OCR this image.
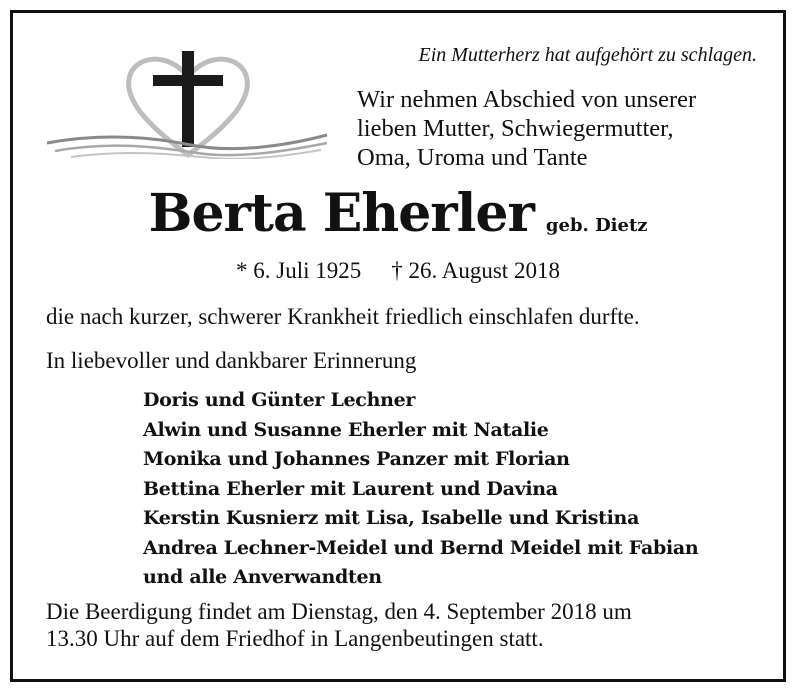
Ein Mutterherz hat aufgehört zu schlagen.
Wir nehmen Abschied von unserer
lieben Mutter, Schwiegermutter,
Oma, Uroma und Tante
Berta Eherler geb. Dietz
* 6. Juli 1925 † 26. August 2018
die nach kurzer, schwerer Krankheit friedlich einschlafen durfte.
In liebevoller und dankbarer Erinnerung
Doris und Günter Lechner
Alwin und Susanne Eherler mit Natalie
Monika und Johannes Panzer mit Florian
Bettina Eherler mit Laurent und Davina
Kerstin Kusnierz mit Lisa, Isabelle und Kristina
Andrea Lechner-Meidel und Bernd Meidel mit Fabian
und alle Anverwandten
Die Beerdigung findet am Dienstag, den 4. September 2018 um
13.30 Uhr auf dem Friedhof in Langenbeutingen statt.
